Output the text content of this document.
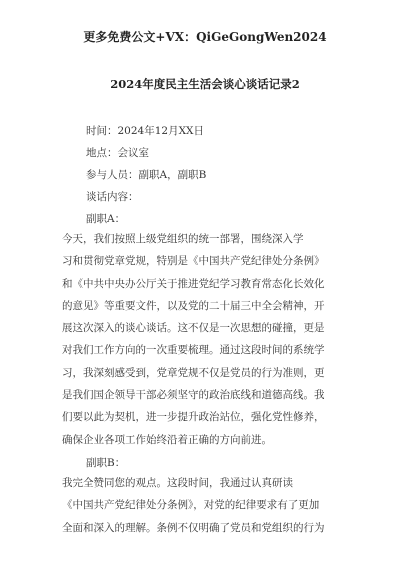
更多免费公文+VX：QiGeGongWen2024
2024年度民主生活会谈心谈话记录2
时间：2024年12月XX日
地点：会议室
参与人员：副职A，副职B
谈话内容：
副职A：
今天，我们按照上级党组织的统一部署，围绕深入学
习和贯彻党章党规，特别是《中国共产党纪律处分条例》
和《中共中央办公厅关于推进党纪学习教育常态化长效化
的意见》等重要文件，以及党的二十届三中全会精神，开
展这次深入的谈心谈话。这不仅是一次思想的碰撞，更是
对我们工作方向的一次重要梳理。通过这段时间的系统学
习，我深刻感受到，党章党规不仅是党员的行为准则，更
是我们国企领导干部必须坚守的政治底线和道德高线。我
们要以此为契机，进一步提升政治站位，强化党性修养，
确保企业各项工作始终沿着正确的方向前进。
副职B：
我完全赞同您的观点。这段时间，我通过认真研读
《中国共产党纪律处分条例》，对党的纪律要求有了更加
全面和深入的理解。条例不仅明确了党员和党组织的行为
